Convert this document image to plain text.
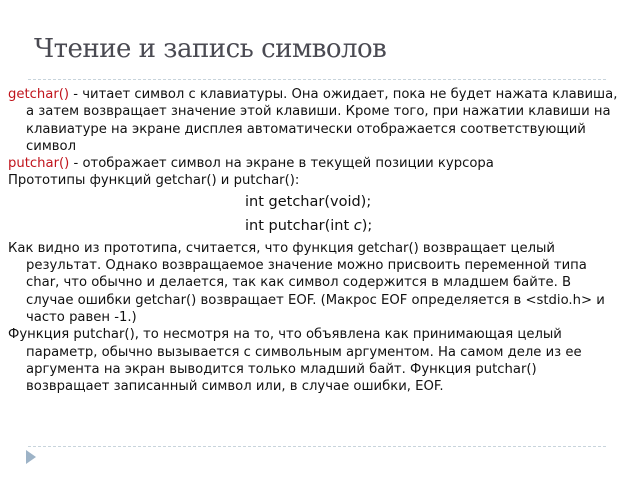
Чтение и запись символов

getchar() - читает символ с клавиатуры. Она ожидает, пока не будет нажата клавиша, а затем возвращает значение этой клавиши. Кроме того, при нажатии клавиши на клавиатуре на экране дисплея автоматически отображается соответствующий символ

putchar() - отображает символ на экране в текущей позиции курсора

Прототипы функций getchar() и putchar():

int getchar(void);
int putchar(int c);

Как видно из прототипа, считается, что функция getchar() возвращает целый результат. Однако возвращаемое значение можно присвоить переменной типа char, что обычно и делается, так как символ содержится в младшем байте. В случае ошибки getchar() возвращает EOF. (Макрос EOF определяется в <stdio.h> и часто равен -1.)

Функция putchar(), то несмотря на то, что объявлена как принимающая целый параметр, обычно вызывается с символьным аргументом. На самом деле из ее аргумента на экран выводится только младший байт. Функция putchar() возвращает записанный символ или, в случае ошибки, EOF.
